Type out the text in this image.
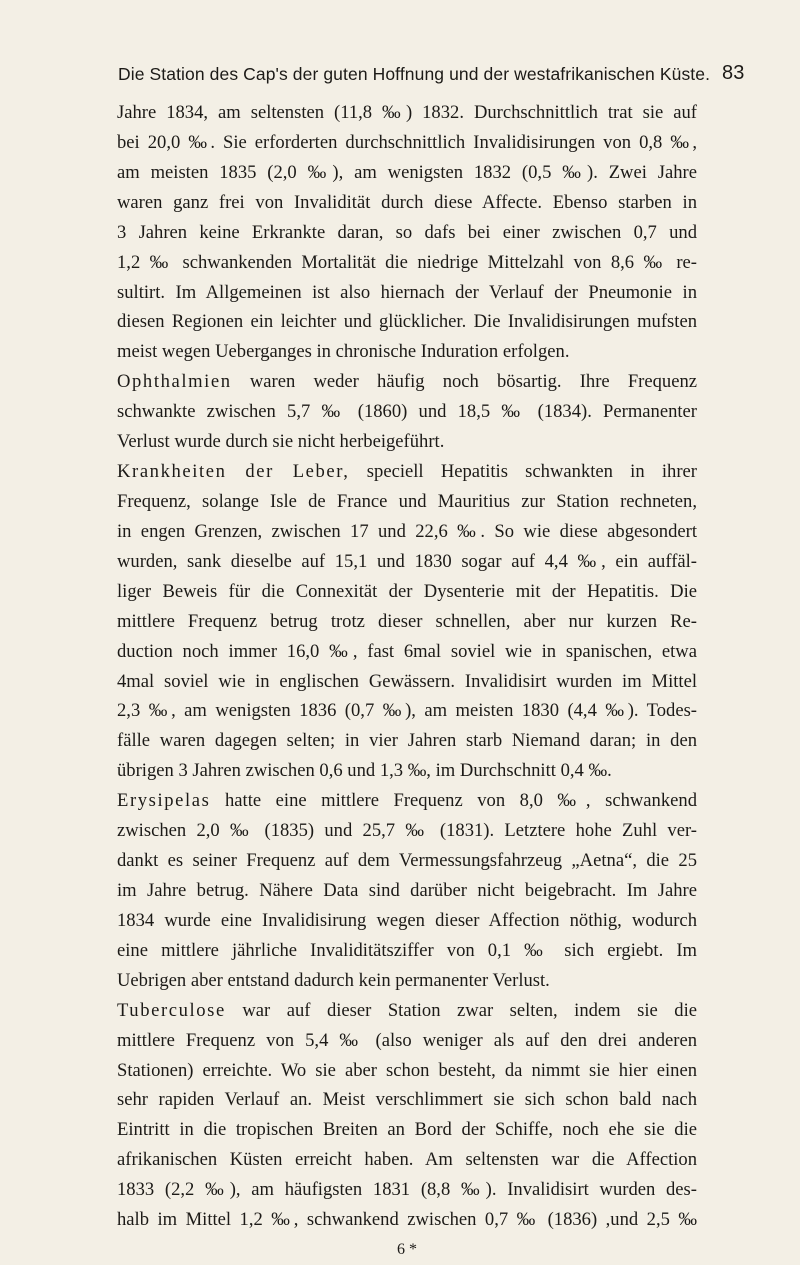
Die Station des Cap's der guten Hoffnung und der westafrikanischen Küste. 83
Jahre 1834, am seltensten (11,8 ‰) 1832. Durchschnittlich trat sie auf
bei 20,0 ‰. Sie erforderten durchschnittlich Invalidisirungen von 0,8 ‰,
am meisten 1835 (2,0 ‰), am wenigsten 1832 (0,5 ‰). Zwei Jahre
waren ganz frei von Invalidität durch diese Affecte. Ebenso starben in
3 Jahren keine Erkrankte daran, so dafs bei einer zwischen 0,7 und
1,2 ‰ schwankenden Mortalität die niedrige Mittelzahl von 8,6 ‰ re-
sultirt. Im Allgemeinen ist also hiernach der Verlauf der Pneumonie in
diesen Regionen ein leichter und glücklicher. Die Invalidisirungen mufsten
meist wegen Ueberganges in chronische Induration erfolgen.
Ophthalmien waren weder häufig noch bösartig. Ihre Frequenz
schwankte zwischen 5,7 ‰ (1860) und 18,5 ‰ (1834). Permanenter
Verlust wurde durch sie nicht herbeigeführt.
Krankheiten der Leber, speciell Hepatitis schwankten in ihrer
Frequenz, solange Isle de France und Mauritius zur Station rechneten,
in engen Grenzen, zwischen 17 und 22,6 ‰. So wie diese abgesondert
wurden, sank dieselbe auf 15,1 und 1830 sogar auf 4,4 ‰, ein auffäl-
liger Beweis für die Connexität der Dysenterie mit der Hepatitis. Die
mittlere Frequenz betrug trotz dieser schnellen, aber nur kurzen Re-
duction noch immer 16,0 ‰, fast 6mal soviel wie in spanischen, etwa
4mal soviel wie in englischen Gewässern. Invalidisirt wurden im Mittel
2,3 ‰, am wenigsten 1836 (0,7 ‰), am meisten 1830 (4,4 ‰). Todes-
fälle waren dagegen selten; in vier Jahren starb Niemand daran; in den
übrigen 3 Jahren zwischen 0,6 und 1,3 ‰, im Durchschnitt 0,4 ‰.
Erysipelas hatte eine mittlere Frequenz von 8,0 ‰, schwankend
zwischen 2,0 ‰ (1835) und 25,7 ‰ (1831). Letztere hohe Zuhl ver-
dankt es seiner Frequenz auf dem Vermessungsfahrzeug „Aetna“, die 25
im Jahre betrug. Nähere Data sind darüber nicht beigebracht. Im Jahre
1834 wurde eine Invalidisirung wegen dieser Affection nöthig, wodurch
eine mittlere jährliche Invaliditätsziffer von 0,1 ‰ sich ergiebt. Im
Uebrigen aber entstand dadurch kein permanenter Verlust.
Tuberculose war auf dieser Station zwar selten, indem sie die
mittlere Frequenz von 5,4 ‰ (also weniger als auf den drei anderen
Stationen) erreichte. Wo sie aber schon besteht, da nimmt sie hier einen
sehr rapiden Verlauf an. Meist verschlimmert sie sich schon bald nach
Eintritt in die tropischen Breiten an Bord der Schiffe, noch ehe sie die
afrikanischen Küsten erreicht haben. Am seltensten war die Affection
1833 (2,2 ‰), am häufigsten 1831 (8,8 ‰). Invalidisirt wurden des-
halb im Mittel 1,2 ‰, schwankend zwischen 0,7 ‰ (1836) ,und 2,5 ‰
6 *
